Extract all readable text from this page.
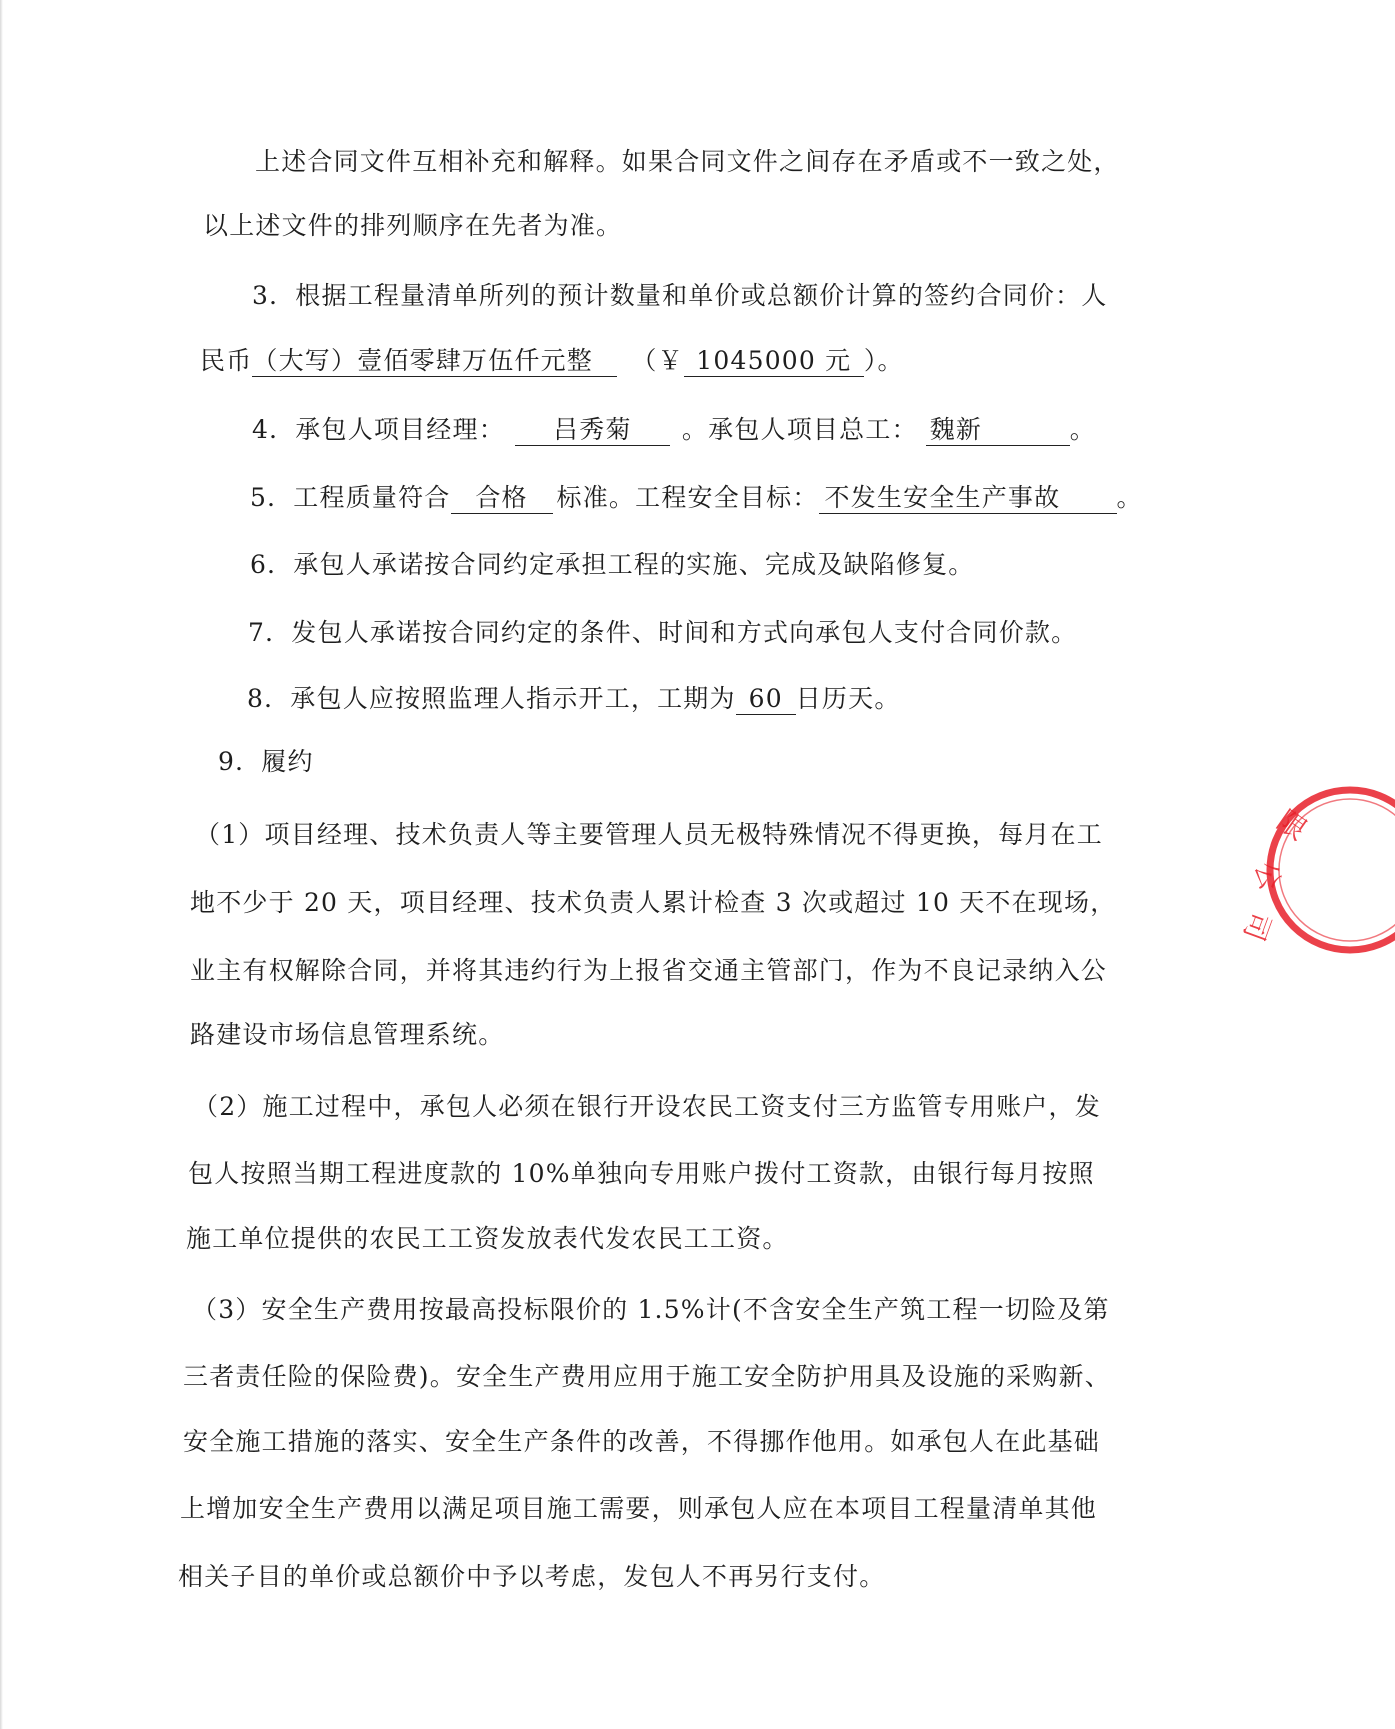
上述合同文件互相补充和解释。如果合同文件之间存在矛盾或不一致之处，
以上述文件的排列顺序在先者为准。
3．根据工程量清单所列的预计数量和单价或总额价计算的签约合同价：人
民币（大写）壹佰零肆万伍仟元整 （￥ 1045000 元 ）。
4．承包人项目经理： 吕秀菊 。承包人项目总工： 魏新	。
5．工程质量符合 合格 标准。工程安全目标： 不发生安全生产事故 。
6．承包人承诺按合同约定承担工程的实施、完成及缺陷修复。
7．发包人承诺按合同约定的条件、时间和方式向承包人支付合同价款。
8．承包人应按照监理人指示开工，工期为 60 日历天。
9．履约
（1）项目经理、技术负责人等主要管理人员无极特殊情况不得更换，每月在工
地不少于 20 天，项目经理、技术负责人累计检查 3 次或超过 10 天不在现场，
业主有权解除合同，并将其违约行为上报省交通主管部门，作为不良记录纳入公
路建设市场信息管理系统。
（2）施工过程中，承包人必须在银行开设农民工资支付三方监管专用账户，发
包人按照当期工程进度款的 10%单独向专用账户拨付工资款，由银行每月按照
施工单位提供的农民工工资发放表代发农民工工资。
（3）安全生产费用按最高投标限价的 1.5%计(不含安全生产筑工程一切险及第
三者责任险的保险费)。安全生产费用应用于施工安全防护用具及设施的采购新、
安全施工措施的落实、安全生产条件的改善，不得挪作他用。如承包人在此基础
上增加安全生产费用以满足项目施工需要，则承包人应在本项目工程量清单其他
相关子目的单价或总额价中予以考虑，发包人不再另行支付。
限
公
司
